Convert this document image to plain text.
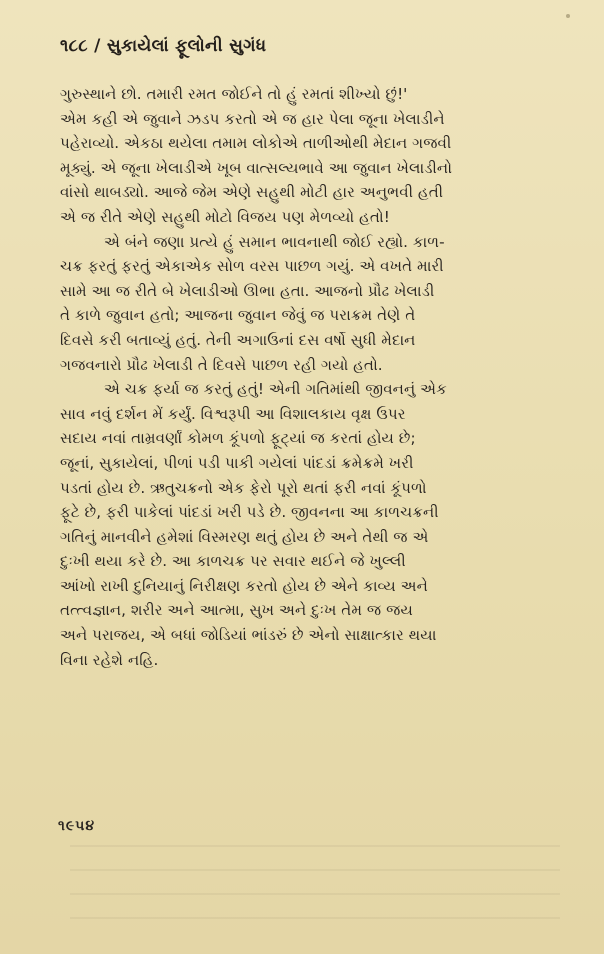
૧૮૮ / સુકાયેલાં ફૂલોની સુગંધ
ગુરુસ્થાને છો. તમારી રમત જોઈને તો હું રમતાં શીખ્યો છું!'
એમ કહી એ જુવાને ઝડપ કરતો એ જ હાર પેલા જૂના ખેલાડીને
પહેરાવ્યો. એકઠા થયેલા તમામ લોકોએ તાળીઓથી મેદાન ગજવી
મૂક્યું. એ જૂના ખેલાડીએ ખૂબ વાત્સલ્યભાવે આ જુવાન ખેલાડીનો
વાંસો થાબડ્યો. આજે જેમ એણે સહુથી મોટી હાર અનુભવી હતી
એ જ રીતે એણે સહુથી મોટો વિજય પણ મેળવ્યો હતો!
એ બંને જણા પ્રત્યે હું સમાન ભાવનાથી જોઈ રહ્યો. કાળ-
ચક્ર ફરતું ફરતું એકાએક સોળ વરસ પાછળ ગયું. એ વખતે મારી
સામે આ જ રીતે બે ખેલાડીઓ ઊભા હતા. આજનો પ્રૌઢ ખેલાડી
તે કાળે જુવાન હતો; આજના જુવાન જેવું જ પરાક્રમ તેણે તે
દિવસે કરી બતાવ્યું હતું. તેની અગાઉનાં દસ વર્ષો સુધી મેદાન
ગજવનારો પ્રૌઢ ખેલાડી તે દિવસે પાછળ રહી ગયો હતો.
એ ચક્ર ફર્યા જ કરતું હતું! એની ગતિમાંથી જીવનનું એક
સાવ નવું દર્શન મેં કર્યું. વિશ્વરૂપી આ વિશાલકાય વૃક્ષ ઉપર
સદાય નવાં તામ્રવર્ણાં કોમળ કૂંપળો ફૂટ્યાં જ કરતાં હોય છે;
જૂનાં, સુકાયેલાં, પીળાં પડી પાકી ગયેલાં પાંદડાં ક્રમેક્રમે ખરી
પડતાં હોય છે. ઋતુચક્રનો એક ફેરો પૂરો થતાં ફરી નવાં કૂંપળો
ફૂટે છે, ફરી પાકેલાં પાંદડાં ખરી પડે છે. જીવનના આ કાળચક્રની
ગતિનું માનવીને હમેશાં વિસ્મરણ થતું હોય છે અને તેથી જ એ
દુઃખી થયા કરે છે. આ કાળચક્ર પર સવાર થઈને જે ખુલ્લી
આંખો રાખી દુનિયાનું નિરીક્ષણ કરતો હોય છે એને કાવ્ય અને
તત્ત્વજ્ઞાન, શરીર અને આત્મા, સુખ અને દુઃખ તેમ જ જય
અને પરાજય, એ બધાં જોડિયાં ભાંડરું છે એનો સાક્ષાત્કાર થયા
વિના રહેશે નહિ.
૧૯૫૪
